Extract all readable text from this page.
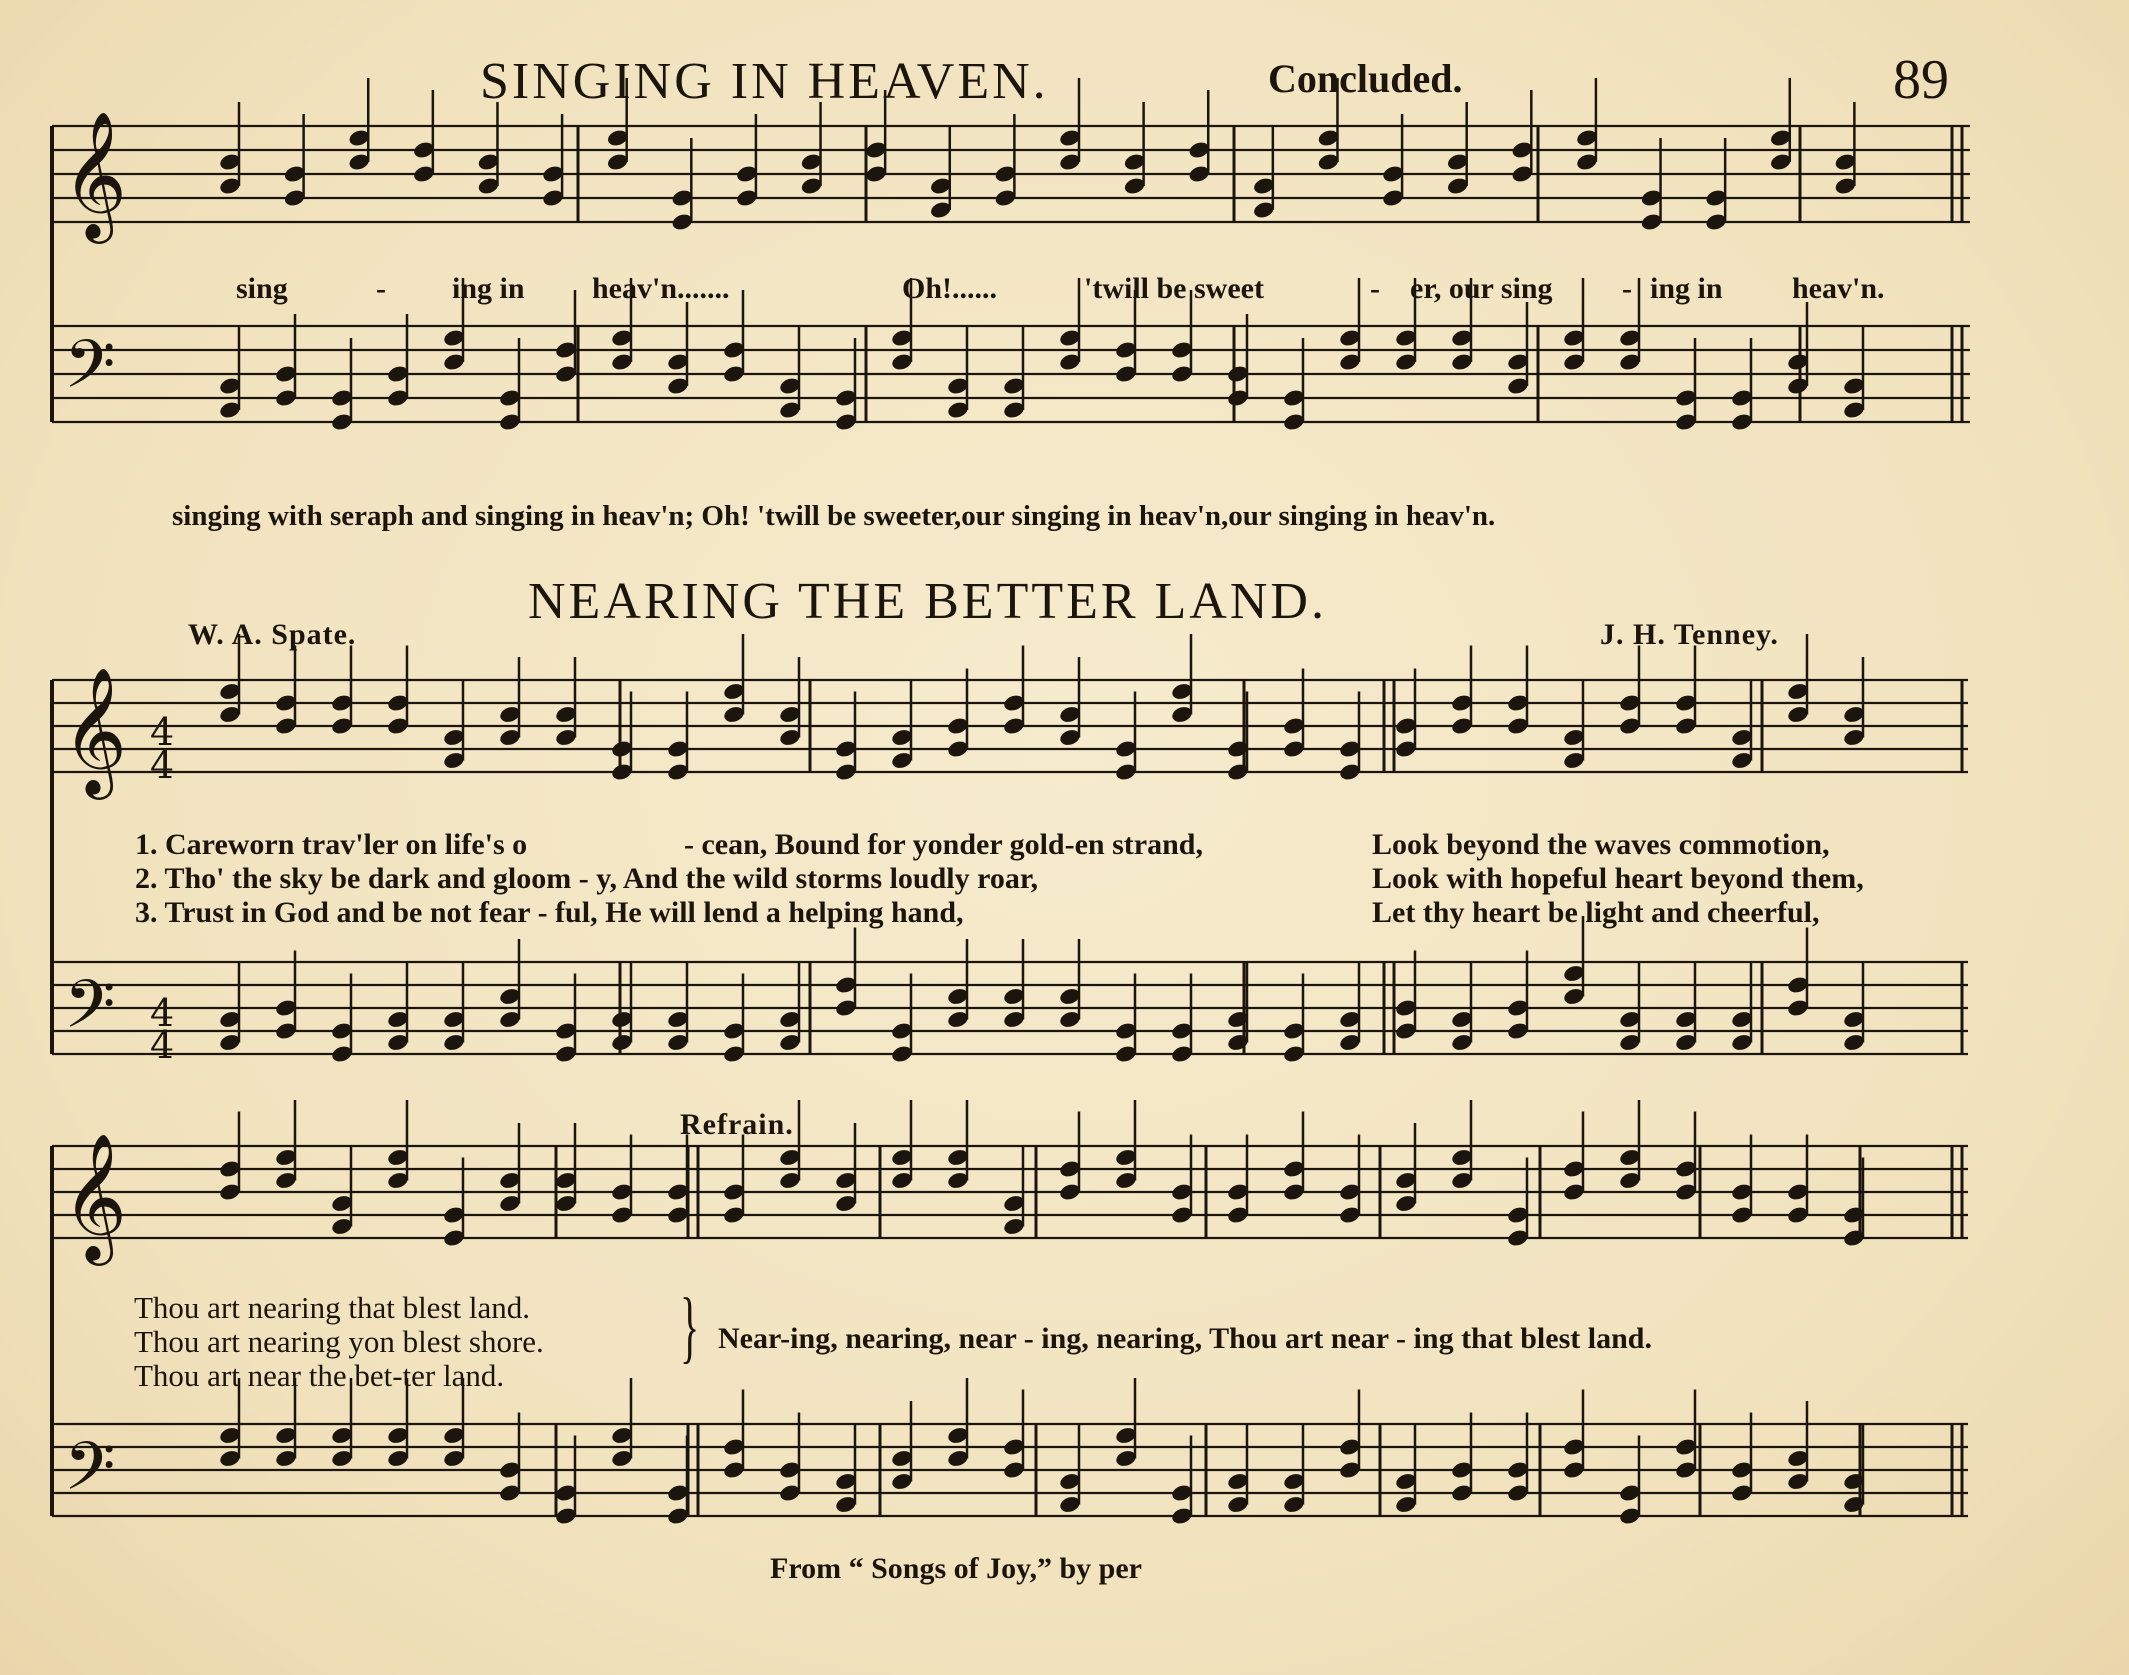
SINGING IN HEAVEN.	Concluded.	89
𝄞
𝄢
𝄞
𝄢
𝄞
𝄢
4
4
4
4
sing	- ing in heav'n.......	Oh!......	'twill be sweet	- er, our sing - ing in heav'n.
singing with seraph and singing in heav'n; Oh! 'twill be sweeter,our singing in heav'n,our singing in heav'n.
NEARING THE BETTER LAND.
W. A. Spate.	J. H. Tenney.
1. Careworn trav'ler on life's o	- cean, Bound for yonder gold-en strand,	Look beyond the waves commotion,
2. Tho' the sky be dark and gloom - y, And the wild storms loudly roar,	Look with hopeful heart beyond them,
3. Trust in God and be not fear - ful, He will lend a helping hand,	Let thy heart be light and cheerful,
Refrain.
Thou art nearing that blest land.
Thou art nearing yon blest shore.
Thou art near the bet-ter land.
} Near-ing, nearing, near - ing, nearing, Thou art near - ing that blest land.
From “ Songs of Joy,” by per
